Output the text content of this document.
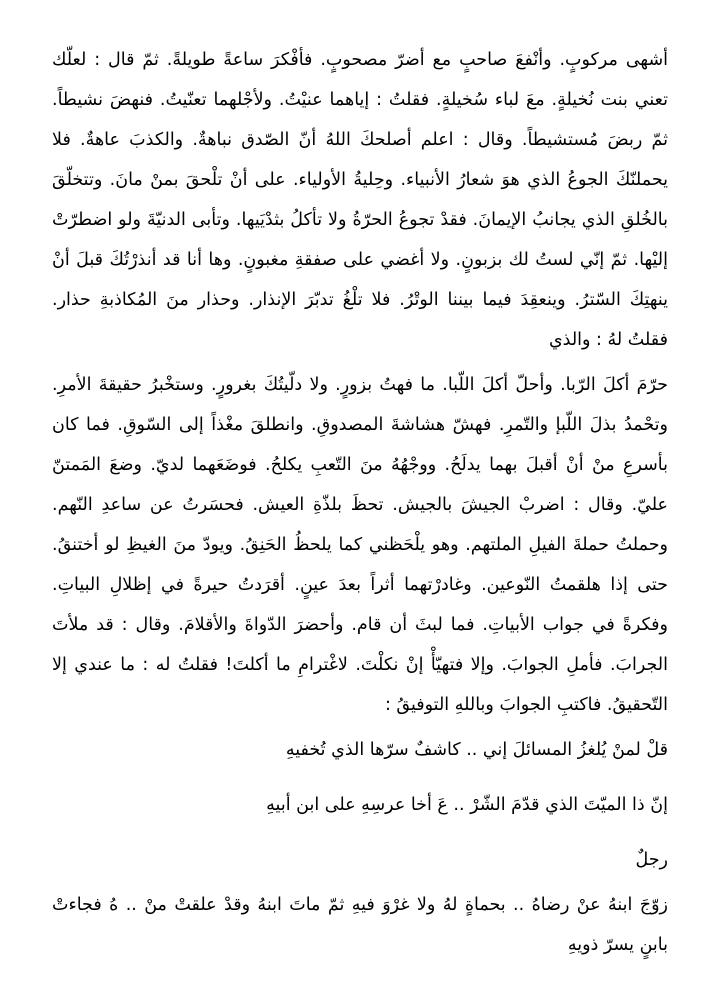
أشهى مركوبٍ. وأنْفعَ صاحبٍ مع أضرّ مصحوبٍ. فأفْكرَ ساعةً طويلةً. ثمّ قال : لعلّك تعني بنت نُخيلةٍ. معَ لباء سُخيلةٍ. فقلتُ : إياهما عنيْتُ. ولأجْلهما تعنّيتُ. فنهضَ نشيطاً. ثمّ ربضَ مُستشيطاً. وقال : اعلم أصلحكَ اللهُ أنّ الصّدق نباهةٌ. والكذبَ عاهةٌ. فلا يحملنّكَ الجوعُ الذي هوَ شعارُ الأنبياء. وحِليةُ الأولياء. على أنْ تلْحقَ بمنْ مانَ. وتتخلّقَ بالخُلقِ الذي يجانبُ الإيمانَ. فقدْ تجوعُ الحرّةُ ولا تأكلُ بثدْيَيها. وتأبى الدنيّةَ ولو اضطرّتْ إليْها. ثمّ إنّي لستُ لك بزبونٍ. ولا أغضي على صفقةِ مغبونٍ. وها أنا قد أنذرْتُكَ قبلَ أنْ ينهتِكَ السّترُ. وينعقِدَ فيما بيننا الوتْرُ. فلا تلْغُ تدبّرَ الإنذار. وحذار منَ المُكاذبةِ حذار. فقلتُ لهُ : والذي

حرّمَ أكلَ الرّبا. وأحلّ أكلَ اللّبا. ما فهتُ بزورٍ. ولا دلّيتُكَ بغرورٍ. وستخْبرُ حقيقةَ الأمرِ. وتحْمدُ بذلَ اللّبإ والتّمرِ. فهشّ هشاشةَ المصدوقِ. وانطلقَ مغْذاً إلى السّوقِ. فما كان بأسرعِ منْ أنْ أقبلَ بهما يدلَحُ. ووجْهُهُ منَ التّعبِ يكلحُ. فوضَعَهما لديّ. وضعَ المَمتنّ عليّ. وقال : اضربْ الجيشَ بالجيش. تحظَ بلذّةِ العيش. فحسَرتُ عن ساعدِ النّهم. وحملتُ حملةَ الفيلِ الملتهم. وهو يلْحَظني كما يلحظُ الحَنِقُ. ويودّ منَ الغيظِ لو أختنقُ. حتى إذا هلقمتُ النّوعين. وغادرْتهما أثراً بعدَ عينٍ. أقرَدتُ حيرةً في إظلالِ البياتِ. وفكرةً في جواب الأبياتِ. فما لبثَ أن قام. وأحضرَ الدّواةَ والأقلامَ. وقال : قد ملأتَ الجرابَ. فأملِ الجوابَ. وإلا فتهيّأْ إنْ نكلْتَ. لاغْترامِ ما أكلتَ! فقلتُ له : ما عندي إلا التّحقيقُ. فاكتبِ الجوابَ وباللهِ التوفيقُ :

قلْ لمنْ يُلغزُ المسائلَ إني .. كاشفٌ سرّها الذي تُخفيهِ

إنّ ذا الميّتَ الذي قدّمَ الشّرْ .. عَ أخا عرسِهِ على ابن أبيهِ

رجلٌ

زوّجَ ابنهُ عنْ رضاهُ .. بحماةٍ لهُ ولا غرْوَ فيهِ ثمّ ماتَ ابنهُ وقدْ علقتْ منْ .. هُ فجاءتْ بابنٍ يسرّ ذويهِ
